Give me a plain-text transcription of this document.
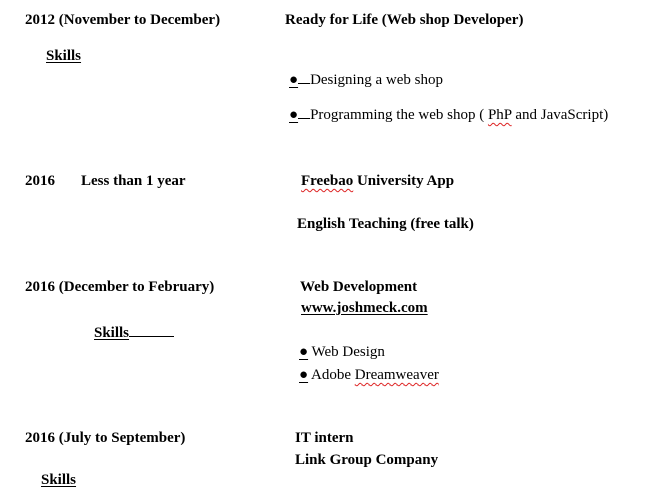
2012 (November to December)	Ready for Life (Web shop Developer)
Skills
● Designing a web shop
● Programming the web shop ( PhP and JavaScript)
2016 Less than 1 year	Freebao University App
English Teaching (free talk)
2016 (December to February)	Web Development
www.joshmeck.com
Skills
● Web Design
● Adobe Dreamweaver
2016 (July to September)	IT intern
Link Group Company
Skills
